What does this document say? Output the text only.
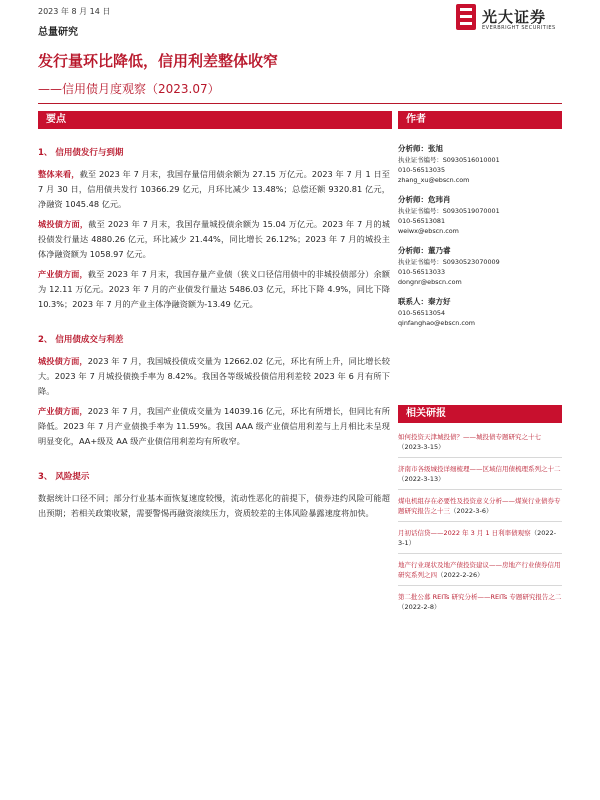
2023 年 8 月 14 日
总量研究
光大证券
EVERBRIGHT SECURITIES
发行量环比降低，信用利差整体收窄
——信用债月度观察（2023.07）
要点	作者
1、 信用债发行与到期

整体来看，截至 2023 年 7 月末，我国存量信用债余额为 27.15 万亿元。2023 年 7 月 1 日至 7 月 30 日，信用债共发行 10366.29 亿元，月环比减少 13.48%；总偿还额 9320.81 亿元，净融资 1045.48 亿元。

城投债方面，截至 2023 年 7 月末，我国存量城投债余额为 15.04 万亿元。2023 年 7 月的城投债发行量达 4880.26 亿元，环比减少 21.44%，同比增长 26.12%；2023 年 7 月的城投主体净融资额为 1058.97 亿元。

产业债方面，截至 2023 年 7 月末，我国存量产业债（狭义口径信用债中的非城投债部分）余额为 12.11 万亿元。2023 年 7 月的产业债发行量达 5486.03 亿元，环比下降 4.9%，同比下降 10.3%；2023 年 7 月的产业主体净融资额为-13.49 亿元。

2、 信用债成交与利差

城投债方面，2023 年 7 月，我国城投债成交量为 12662.02 亿元，环比有所上升，同比增长较大。2023 年 7 月城投债换手率为 8.42%。我国各等级城投债信用利差较 2023 年 6 月有所下降。

产业债方面，2023 年 7 月，我国产业债成交量为 14039.16 亿元，环比有所增长，但同比有所降低。2023 年 7 月产业债换手率为 11.59%。我国 AAA 级产业债信用利差与上月相比未呈现明显变化，AA+级及 AA 级产业债信用利差均有所收窄。

3、 风险提示

数据统计口径不同；部分行业基本面恢复速度较慢，流动性恶化的前提下，债券违约风险可能超出预期；若相关政策收紧，需要警惕再融资滚续压力，资质较差的主体风险暴露速度将加快。

分析师：张旭
执业证书编号：S0930516010001
010-56513035
zhang_xu@ebscn.com
分析师：危玮肖
执业证书编号：S0930519070001
010-56513081
weiwx@ebscn.com
分析师：董乃睿
执业证书编号：S0930523070009
010-56513033
dongnr@ebscn.com
联系人：秦方好
010-56513054
qinfanghao@ebscn.com
相关研报
如何投资天津城投债？——城投债专题研究之十七（2023-3-15）
济南市各级城投详细梳理——区域信用债梳理系列之十二（2022-3-13）
煤电机组存在必要性及投资意义分析——煤炭行业债券专题研究报告之十三（2022-3-6）
月初话信贷——2022 年 3 月 1 日利率债观察（2022-3-1）
地产行业现状及地产债投资建议——房地产行业债券信用研究系列之四（2022-2-26）
第二批公募 REITs 研究分析——REITs 专题研究报告之二（2022-2-8）
